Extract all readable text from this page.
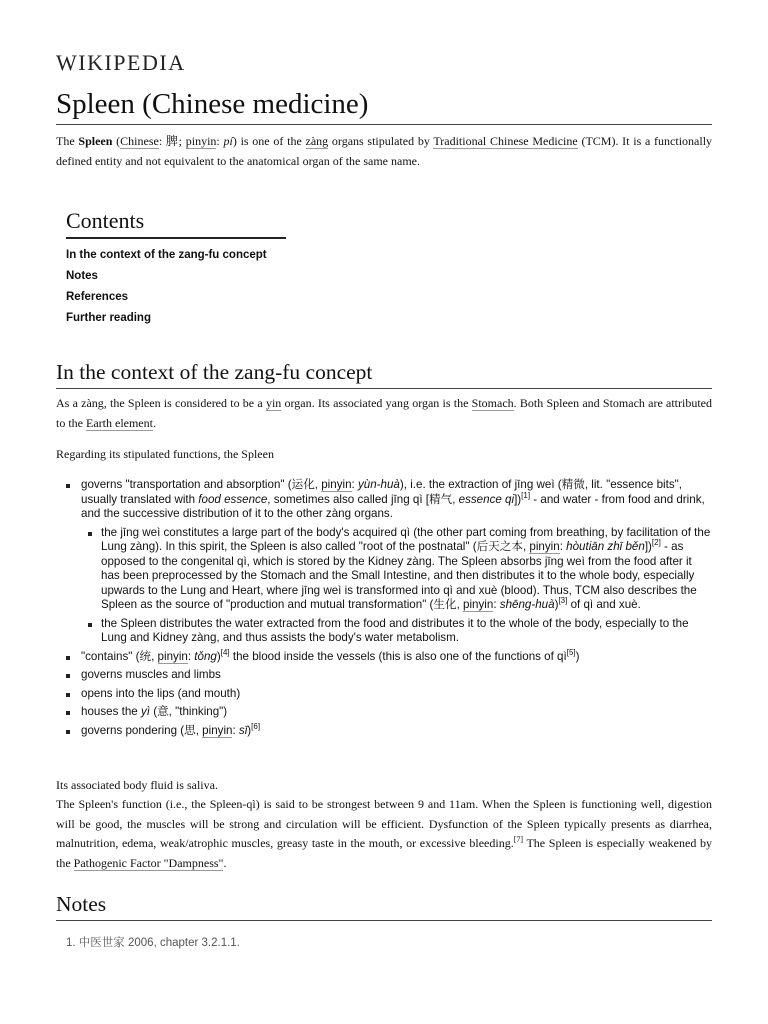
WIKIPEDIA
Spleen (Chinese medicine)

The Spleen (Chinese: 脾; pinyin: pí) is one of the zàng organs stipulated by Traditional Chinese Medicine (TCM). It is a functionally defined entity and not equivalent to the anatomical organ of the same name.

Contents
In the context of the zang-fu concept
Notes
References
Further reading
In the context of the zang-fu concept

As a zàng, the Spleen is considered to be a yin organ. Its associated yang organ is the Stomach. Both Spleen and Stomach are attributed to the Earth element.

Regarding its stipulated functions, the Spleen

governs "transportation and absorption" (运化, pinyin: yùn-huà), i.e. the extraction of jīng weì (精微, lit. "essence bits", usually translated with food essence, sometimes also called jīng qì [精气, essence qi])[1] - and water - from food and drink, and the successive distribution of it to the other zàng organs.
the jīng weì constitutes a large part of the body's acquired qì (the other part coming from breathing, by facilitation of the Lung zàng). In this spirit, the Spleen is also called "root of the postnatal" (后天之本, pinyin: hòutiān zhī běn])[2] - as opposed to the congenital qì, which is stored by the Kidney zàng. The Spleen absorbs jīng weì from the food after it has been preprocessed by the Stomach and the Small Intestine, and then distributes it to the whole body, especially upwards to the Lung and Heart, where jīng weì is transformed into qì and xuè (blood). Thus, TCM also describes the Spleen as the source of "production and mutual transformation" (生化, pinyin: shēng-huà)[3] of qì and xuè.
the Spleen distributes the water extracted from the food and distributes it to the whole of the body, especially to the Lung and Kidney zàng, and thus assists the body's water metabolism.
"contains" (统, pinyin: tǒng)[4] the blood inside the vessels (this is also one of the functions of qì[5])
governs muscles and limbs
opens into the lips (and mouth)
houses the yì (意, "thinking")
governs pondering (思, pinyin: sī)[6]

Its associated body fluid is saliva.

The Spleen's function (i.e., the Spleen-qì) is said to be strongest between 9 and 11am. When the Spleen is functioning well, digestion will be good, the muscles will be strong and circulation will be efficient. Dysfunction of the Spleen typically presents as diarrhea, malnutrition, edema, weak/atrophic muscles, greasy taste in the mouth, or excessive bleeding.[7] The Spleen is especially weakened by the Pathogenic Factor "Dampness".

Notes
1. 中医世家 2006, chapter 3.2.1.1.
